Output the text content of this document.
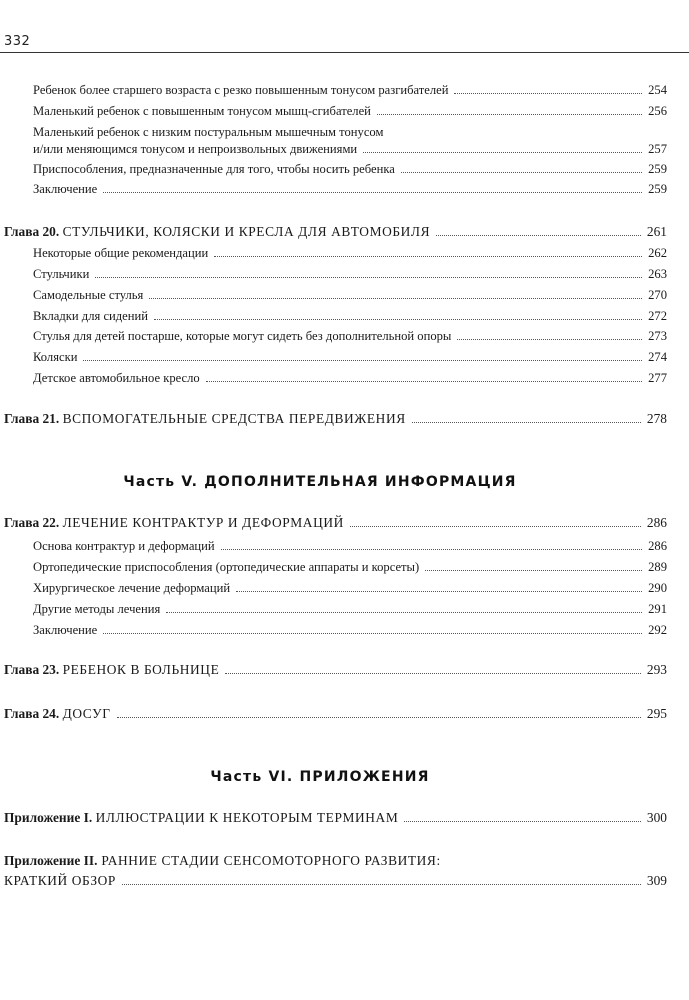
332
Ребенок более старшего возраста с резко повышенным тонусом разгибателей	254
Маленький ребенок с повышенным тонусом мышц-сгибателей	256
Маленький ребенок с низким постуральным мышечным тонусом
и/или меняющимся тонусом и непроизвольных движениями	257
Приспособления, предназначенные для того, чтобы носить ребенка	259
Заключение	259
Глава 20. СТУЛЬЧИКИ, КОЛЯСКИ И КРЕСЛА ДЛЯ АВТОМОБИЛЯ	261
Некоторые общие рекомендации	262
Стульчики	263
Самодельные стулья	270
Вкладки для сидений	272
Стулья для детей постарше, которые могут сидеть без дополнительной опоры	273
Коляски	274
Детское автомобильное кресло	277
Глава 21. ВСПОМОГАТЕЛЬНЫЕ СРЕДСТВА ПЕРЕДВИЖЕНИЯ	278
Часть V. ДОПОЛНИТЕЛЬНАЯ ИНФОРМАЦИЯ
Глава 22. ЛЕЧЕНИЕ КОНТРАКТУР И ДЕФОРМАЦИЙ	286
Основа контрактур и деформаций	286
Ортопедические приспособления (ортопедические аппараты и корсеты)	289
Хирургическое лечение деформаций	290
Другие методы лечения	291
Заключение	292
Глава 23. РЕБЕНОК В БОЛЬНИЦЕ	293
Глава 24. ДОСУГ	295
Часть VI. ПРИЛОЖЕНИЯ
Приложение I. ИЛЛЮСТРАЦИИ К НЕКОТОРЫМ ТЕРМИНАМ	300
Приложение II. РАННИЕ СТАДИИ СЕНСОМОТОРНОГО РАЗВИТИЯ:
КРАТКИЙ ОБЗОР	309
